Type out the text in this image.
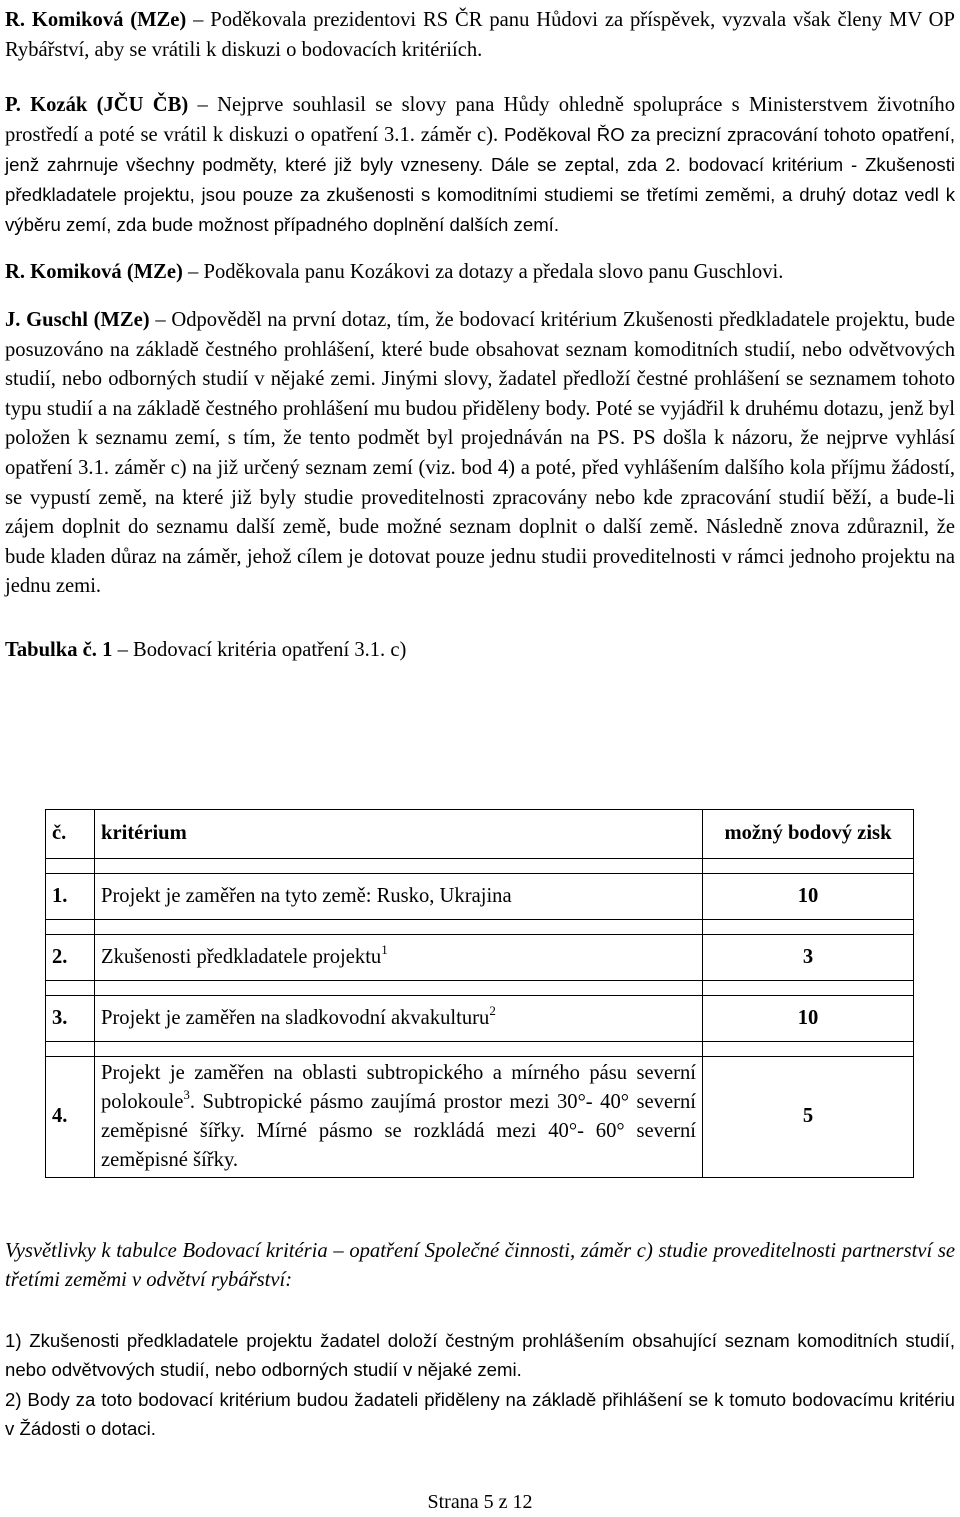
R. Komiková (MZe) – Poděkovala prezidentovi RS ČR panu Hůdovi za příspěvek, vyzvala však členy MV OP Rybářství, aby se vrátili k diskuzi o bodovacích kritériích.

P. Kozák (JČU ČB) – Nejprve souhlasil se slovy pana Hůdy ohledně spolupráce s Ministerstvem životního prostředí a poté se vrátil k diskuzi o opatření 3.1. záměr c). Poděkoval ŘO za precizní zpracování tohoto opatření, jenž zahrnuje všechny podměty, které již byly vzneseny. Dále se zeptal, zda 2. bodovací kritérium - Zkušenosti předkladatele projektu, jsou pouze za zkušenosti s komoditními studiemi se třetími zeměmi, a druhý dotaz vedl k výběru zemí, zda bude možnost případného doplnění dalších zemí.

R. Komiková (MZe) – Poděkovala panu Kozákovi za dotazy a předala slovo panu Guschlovi.

J. Guschl (MZe) – Odpověděl na první dotaz, tím, že bodovací kritérium Zkušenosti předkladatele projektu, bude posuzováno na základě čestného prohlášení, které bude obsahovat seznam komoditních studií, nebo odvětvových studií, nebo odborných studií v nějaké zemi. Jinými slovy, žadatel předloží čestné prohlášení se seznamem tohoto typu studií a na základě čestného prohlášení mu budou přiděleny body. Poté se vyjádřil k druhému dotazu, jenž byl položen k seznamu zemí, s tím, že tento podmět byl projednáván na PS. PS došla k názoru, že nejprve vyhlásí opatření 3.1. záměr c) na již určený seznam zemí (viz. bod 4) a poté, před vyhlášením dalšího kola příjmu žádostí, se vypustí země, na které již byly studie proveditelnosti zpracovány nebo kde zpracování studií běží, a bude-li zájem doplnit do seznamu další země, bude možné seznam doplnit o další země. Následně znova zdůraznil, že bude kladen důraz na záměr, jehož cílem je dotovat pouze jednu studii proveditelnosti v rámci jednoho projektu na jednu zemi.

Tabulka č. 1 – Bodovací kritéria opatření 3.1. c)

č.	kritérium	možný bodový zisk

1.	Projekt je zaměřen na tyto země: Rusko, Ukrajina	10

2.	Zkušenosti předkladatele projektu$^1$	3

3.	Projekt je zaměřen na sladkovodní akvakulturu$^2$	10

4.	Projekt je zaměřen na oblasti subtropického a mírného pásu severní polokoule$^3$. Subtropické pásmo zaujímá prostor mezi 30°- 40° severní zeměpisné šířky. Mírné pásmo se rozkládá mezi 40°- 60° severní zeměpisné šířky.	5

Vysvětlivky k tabulce Bodovací kritéria – opatření Společné činnosti, záměr c) studie proveditelnosti partnerství se třetími zeměmi v odvětví rybářství:

1) Zkušenosti předkladatele projektu žadatel doloží čestným prohlášením obsahující seznam komoditních studií, nebo odvětvových studií, nebo odborných studií v nějaké zemi.

2) Body za toto bodovací kritérium budou žadateli přiděleny na základě přihlášení se k tomuto bodovacímu kritériu v Žádosti o dotaci.

Strana 5 z 12
